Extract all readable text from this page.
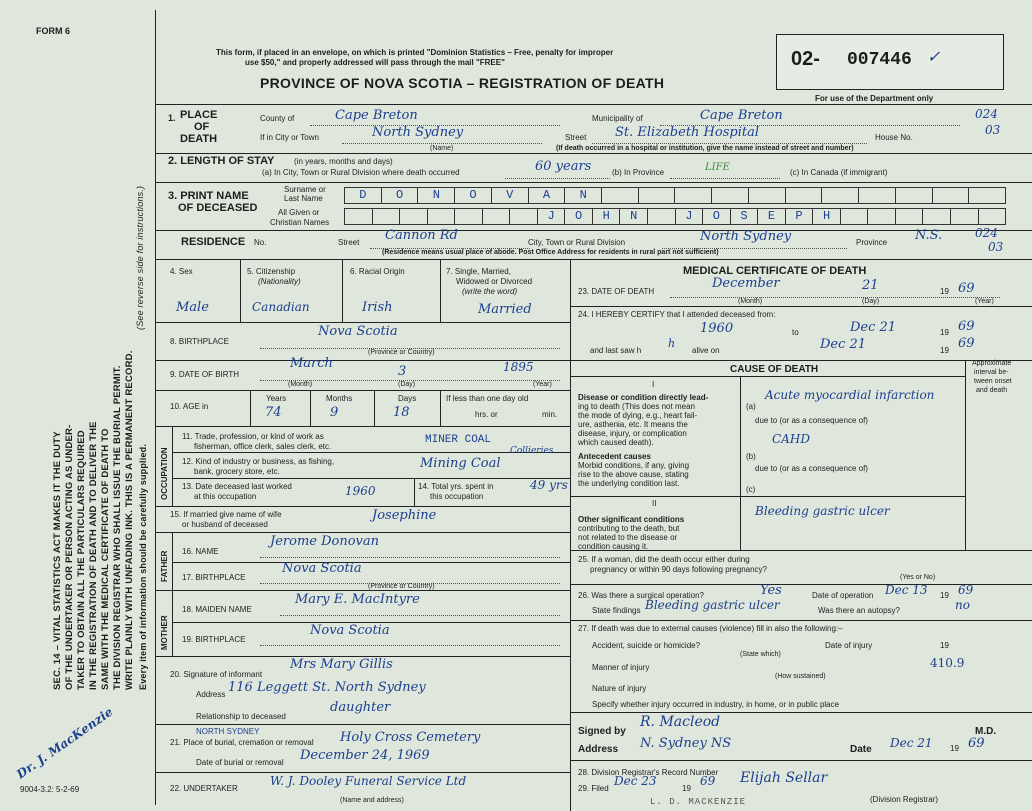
FORM 6
SEC. 14 – VITAL STATISTICS ACT MAKES IT THE DUTY OF THE UNDERTAKER OR PERSON ACTING AS UNDER- TAKER TO OBTAIN ALL THE PARTICULARS REQUIRED IN THE REGISTRATION OF DEATH AND TO DELIVER THE SAME WITH THE MEDICAL CERTIFICATE OF DEATH TO THE DIVISION REGISTRAR WHO SHALL ISSUE THE BURIAL PERMIT. WRITE PLAINLY WITH UNFADING INK. THIS IS A PERMANENT RECORD.
(See reverse side for instructions.)
Every item of information should be carefully supplied.
Dr. J. MacKenzie
9004-3.2: 5-2-69
This form, if placed in an envelope, on which is printed "Dominion Statistics – Free, penalty for improper
use $50," and properly addressed will pass through the mail "FREE"
PROVINCE OF NOVA SCOTIA – REGISTRATION OF DEATH
02- 007446 ✓
For use of the Department only
1. PLACE
OF
DEATH
County of	Cape Breton	Municipality of	Cape Breton	024
If in City or Town	North Sydney
(Name)
Street St. Elizabeth Hospital	House No.
03
(If death occurred in a hospital or institution, give the name instead of street and number)
2. LENGTH OF STAY (in years, months and days)
(a) In City, Town or Rural Division where death occurred	60 years	(b) In Province	LIFE	(c) In Canada (if immigrant)
3. PRINT NAME
OF DECEASED
Surname or
Last Name	D	O	N	O	V	A	N
All Given or
Christian Names	J	O	H	N	J	O	S	E	P	H
RESIDENCE No.	Street Cannon Rd	City, Town or Rural Division	North Sydney	Province N.S.	024
03
(Residence means usual place of abode. Post Office Address for residents in rural part not sufficient)
4. Sex
Male
5. Citizenship
(Nationality)
Canadian
6. Racial Origin
Irish
7. Single, Married,
Widowed or Divorced
(write the word)
Married
8. BIRTHPLACE
Nova Scotia
(Province or Country)
9. DATE OF BIRTH
March
3	1895
(Month)	(Day)	(Year)
10. AGE in
Years	Months	Days
74	9	18
If less than one day old
hrs. or	min.
OCCUPATION
11. Trade, profession, or kind of work as
fisherman, office clerk, sales clerk, etc.
MINER COAL
12. Kind of industry or business, as fishing,
bank, grocery store, etc.
Mining Coal
Collieries
13. Date deceased last worked
at this occupation	1960	14. Total yrs. spent in
this occupation
49 yrs
15. If married give name of wife
or husband of deceased
Josephine
FATHER 16. NAME
Jerome Donovan
17. BIRTHPLACE
Nova Scotia
(Province or Country)
MOTHER
18. MAIDEN NAME
Mary E. MacIntyre
19. BIRTHPLACE
Nova Scotia
20. Signature of informant
Mrs Mary Gillis
Address 116 Leggett St. North Sydney
Relationship to deceased
daughter
NORTH SYDNEY
21. Place of burial, cremation or removal Holy Cross Cemetery
Date of burial or removal December 24, 1969
22. UNDERTAKER
W. J. Dooley Funeral Service Ltd
(Name and address)
MEDICAL CERTIFICATE OF DEATH
23. DATE OF DEATH
December	21	19 69
(Month)	(Day)	(Year)
24. I HEREBY CERTIFY that I attended deceased from:
1960	to	Dec 21	19 69
and last saw h
h
alive on	Dec 21	19 69
CAUSE OF DEATH
Approximate
interval be-
tween onset
and death
I
Disease or condition directly lead-
ing to death (This does not mean
the mode of dying, e.g., heart fail-
ure, asthenia, etc. It means the
disease, injury, or complication
which caused death).
(a)
Acute myocardial infarction
due to (or as a consequence of)
(b)
CAHD
Antecedent causes
Morbid conditions, if any, giving
rise to the above cause, stating
the underlying condition last.
due to (or as a consequence of)
(c)
II
Other significant conditions
contributing to the death, but
not related to the disease or
condition causing it.
Bleeding gastric ulcer
25. If a woman, did the death occur either during
pregnancy or within 90 days following pregnancy?
(Yes or No)
26. Was there a surgical operation?	Yes	Date of operation Dec 13 19 69
State findings Bleeding gastric ulcer	Was there an autopsy?	no
27. If death was due to external causes (violence) fill in also the following:–
Accident, suicide or homicide?
(State which)
Date of injury	19
Manner of injury	410.9
(How sustained)
Nature of injury
Specify whether injury occurred in industry, in home, or in public place
Signed by
R. Macleod
M.D.
Address N. Sydney NS	Date Dec 21 19 69
28. Division Registrar's Record Number
29. Filed
Dec 23
19
69 Elijah Sellar
(Division Registrar)
L. D. MACKENZIE
